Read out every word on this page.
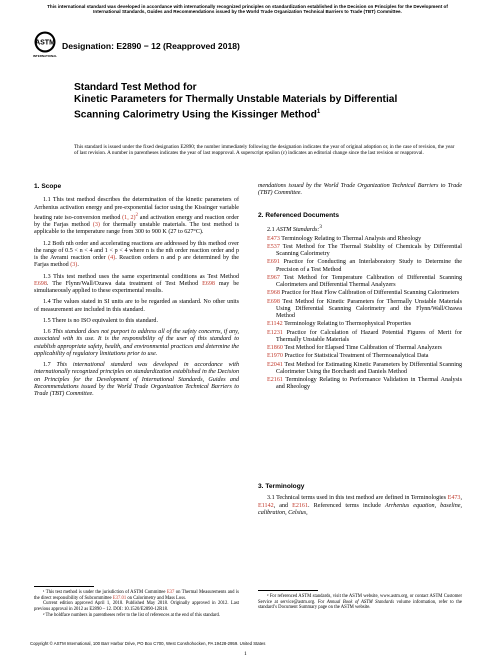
This international standard was developed in accordance with internationally recognized principles on standardization established in the Decision on Principles for the Development of International Standards, Guides and Recommendations issued by the World Trade Organization Technical Barriers to Trade (TBT) Committee.
ASTM
INTERNATIONAL
Designation: E2890 − 12 (Reapproved 2018)
Standard Test Method for
Kinetic Parameters for Thermally Unstable Materials by Differential Scanning Calorimetry Using the Kissinger Method$^1$
This standard is issued under the fixed designation E2890; the number immediately following the designation indicates the year of original adoption or, in the case of revision, the year of last revision. A number in parentheses indicates the year of last reapproval. A superscript epsilon (ε) indicates an editorial change since the last revision or reapproval.

1. Scope

1.1 This test method describes the determination of the kinetic parameters of Arrhenius activation energy and pre-exponential factor using the Kissinger variable heating rate iso-conversion method (1, 2)$^2$ and activation energy and reaction order by the Farjas method (3) for thermally unstable materials. The test method is applicable to the temperature range from 300 to 900 K (27 to 627°C).

1.2 Both nth order and accelerating reactions are addressed by this method over the range of 0.5 < n < 4 and 1 < p < 4 where n is the nth order reaction order and p is the Avrami reaction order (4). Reaction orders n and p are determined by the Farjas method (3).

1.3 This test method uses the same experimental conditions as Test Method E698. The Flynn/Wall/Ozawa data treatment of Test Method E698 may be simultaneously applied to these experimental results.

1.4 The values stated in SI units are to be regarded as standard. No other units of measurement are included in this standard.

1.5 There is no ISO equivalent to this standard.

1.6 This standard does not purport to address all of the safety concerns, if any, associated with its use. It is the responsibility of the user of this standard to establish appropriate safety, health, and environmental practices and determine the applicability of regulatory limitations prior to use.

1.7 This international standard was developed in accordance with internationally recognized principles on standardization established in the Decision on Principles for the Development of International Standards, Guides and Recommendations issued by the World Trade Organization Technical Barriers to Trade (TBT) Committee.

¹ This test method is under the jurisdiction of ASTM Committee E37 on Thermal Measurements and is the direct responsibility of Subcommittee E37.01 on Calorimetry and Mass Loss.

Current edition approved April 1, 2018. Published May 2018. Originally approved in 2012. Last previous approval in 2012 as E2890 – 12. DOI: 10.1520/E2890-12R18.

² The boldface numbers in parentheses refer to the list of references at the end of this standard.

mendations issued by the World Trade Organization Technical Barriers to Trade (TBT) Committee.

2. Referenced Documents

2.1 ASTM Standards:$^3$

E473 Terminology Relating to Thermal Analysis and Rheology

E537 Test Method for The Thermal Stability of Chemicals by Differential Scanning Calorimetry

E691 Practice for Conducting an Interlaboratory Study to Determine the Precision of a Test Method

E967 Test Method for Temperature Calibration of Differential Scanning Calorimeters and Differential Thermal Analyzers

E968 Practice for Heat Flow Calibration of Differential Scanning Calorimeters

E698 Test Method for Kinetic Parameters for Thermally Unstable Materials Using Differential Scanning Calorimetry and the Flynn/Wall/Ozawa Method

E1142 Terminology Relating to Thermophysical Properties

E1231 Practice for Calculation of Hazard Potential Figures of Merit for Thermally Unstable Materials

E1860 Test Method for Elapsed Time Calibration of Thermal Analyzers

E1970 Practice for Statistical Treatment of Thermoanalytical Data

E2041 Test Method for Estimating Kinetic Parameters by Differential Scanning Calorimeter Using the Borchardt and Daniels Method

E2161 Terminology Relating to Performance Validation in Thermal Analysis and Rheology

3. Terminology

3.1 Technical terms used in this test method are defined in Terminologies E473, E1142, and E2161. Referenced terms include Arrhenius equation, baseline, calibration, Celsius,

³ For referenced ASTM standards, visit the ASTM website, www.astm.org, or contact ASTM Customer Service at service@astm.org. For Annual Book of ASTM Standards volume information, refer to the standard’s Document Summary page on the ASTM website.

Copyright © ASTM International, 100 Barr Harbor Drive, PO Box C700, West Conshohocken, PA 19428-2959. United States
1
